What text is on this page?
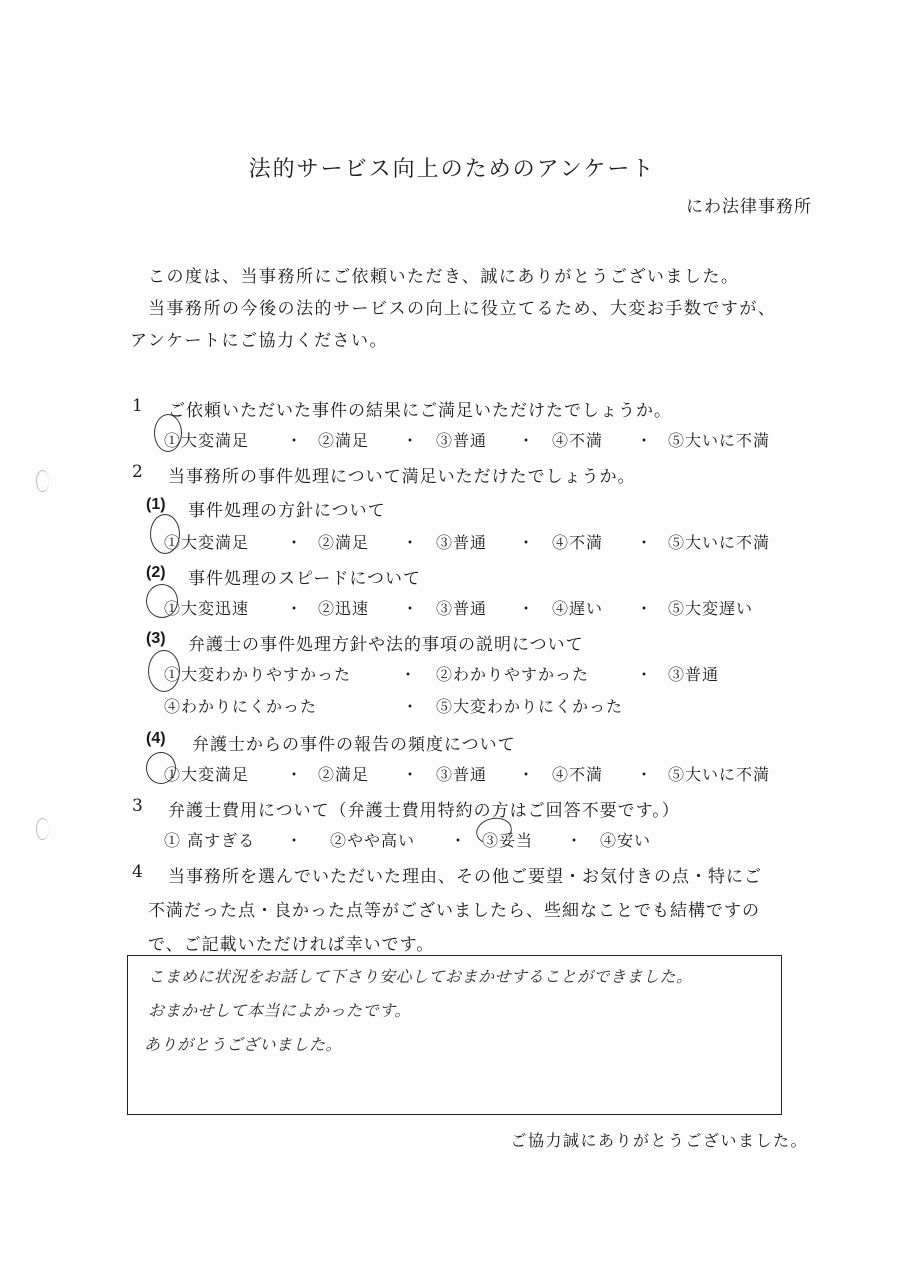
法的サービス向上のためのアンケート
にわ法律事務所
この度は、当事務所にご依頼いただき、誠にありがとうございました。
当事務所の今後の法的サービスの向上に役立てるため、大変お手数ですが、
アンケートにご協力ください。
1 ご依頼いただいた事件の結果にご満足いただけたでしょうか。
①大変満足 ・ ②満足 ・ ③普通 ・ ④不満 ・ ⑤大いに不満
2 当事務所の事件処理について満足いただけたでしょうか。
(1) 事件処理の方針について
①大変満足 ・ ②満足 ・ ③普通 ・ ④不満 ・ ⑤大いに不満
(2) 事件処理のスピードについて
①大変迅速 ・ ②迅速 ・ ③普通 ・ ④遅い ・ ⑤大変遅い
(3) 弁護士の事件処理方針や法的事項の説明について
①大変わかりやすかった	・ ②わかりやすかった	・ ③普通
④わかりにくかった	・ ⑤大変わかりにくかった
(4) 弁護士からの事件の報告の頻度について
①大変満足 ・ ②満足 ・ ③普通 ・ ④不満 ・ ⑤大いに不満
3 弁護士費用について（弁護士費用特約の方はご回答不要です。）
① 高すぎる ・ ②やや高い ・ ③妥当 ・ ④安い
4 当事務所を選んでいただいた理由、その他ご要望・お気付きの点・特にご
不満だった点・良かった点等がございましたら、些細なことでも結構ですの
で、ご記載いただければ幸いです。
こまめに状況をお話して下さり安心しておまかせすることができました。
おまかせして本当によかったです。
ありがとうございました。
ご協力誠にありがとうございました。
